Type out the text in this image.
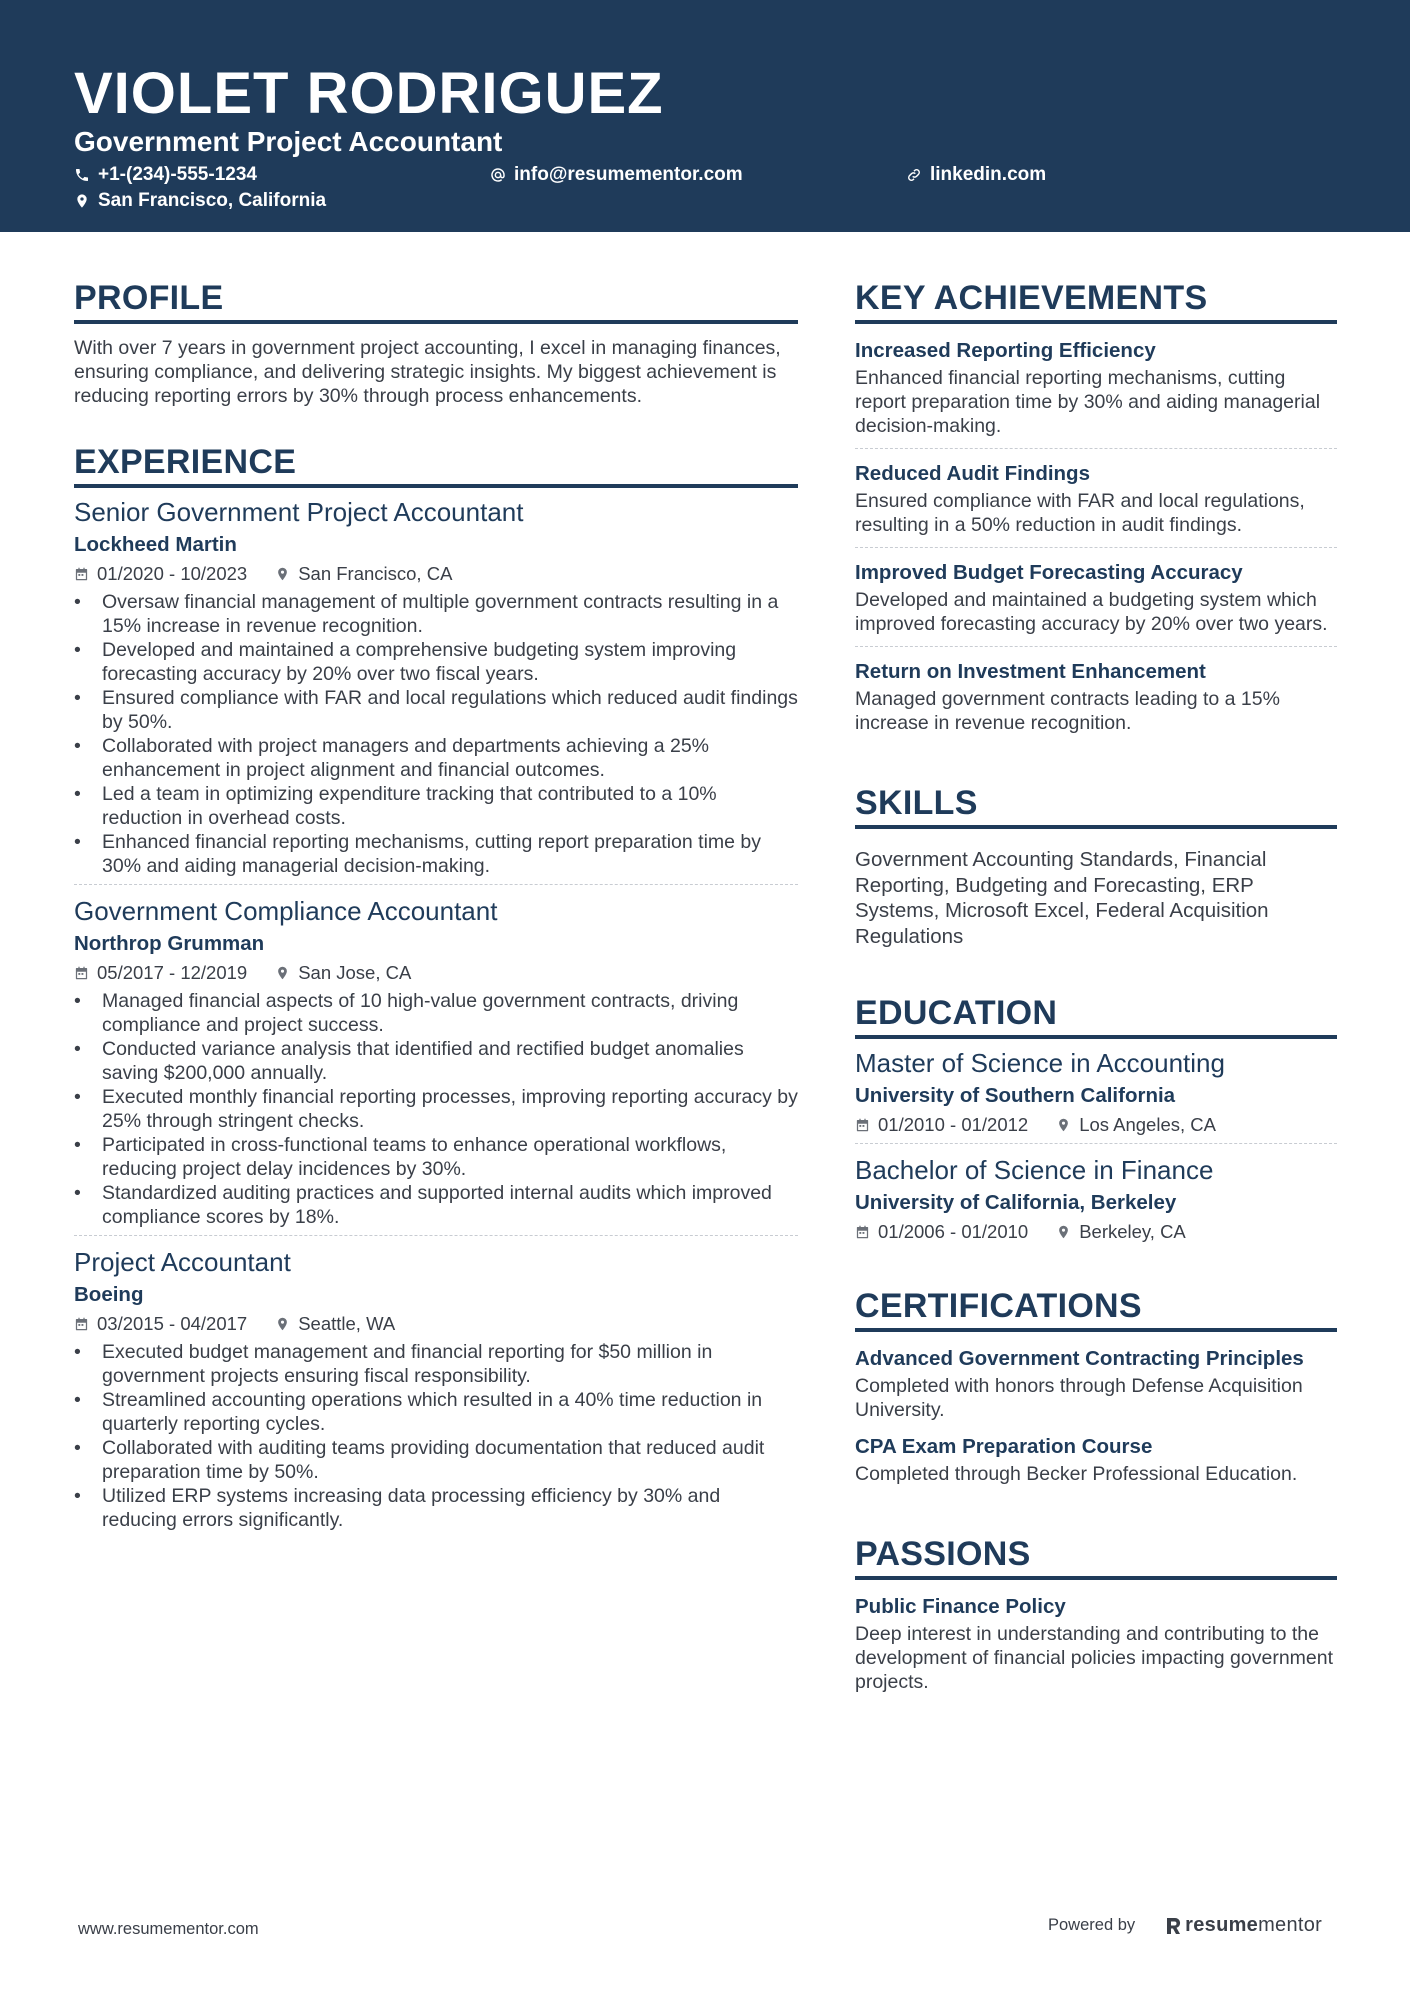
VIOLET RODRIGUEZ
Government Project Accountant
+1-(234)-555-1234	info@resumementor.com	linkedin.com
San Francisco, California
PROFILE

With over 7 years in government project accounting, I excel in managing finances, ensuring compliance, and delivering strategic insights. My biggest achievement is reducing reporting errors by 30% through process enhancements.

EXPERIENCE
Senior Government Project Accountant
Lockheed Martin
01/2020 - 10/2023	San Francisco, CA
• Oversaw financial management of multiple government contracts resulting in a 15% increase in revenue recognition.
• Developed and maintained a comprehensive budgeting system improving forecasting accuracy by 20% over two fiscal years.
• Ensured compliance with FAR and local regulations which reduced audit findings by 50%.
• Collaborated with project managers and departments achieving a 25% enhancement in project alignment and financial outcomes.
• Led a team in optimizing expenditure tracking that contributed to a 10% reduction in overhead costs.
• Enhanced financial reporting mechanisms, cutting report preparation time by 30% and aiding managerial decision-making.
Government Compliance Accountant
Northrop Grumman
05/2017 - 12/2019	San Jose, CA
• Managed financial aspects of 10 high-value government contracts, driving compliance and project success.
• Conducted variance analysis that identified and rectified budget anomalies saving $200,000 annually.
• Executed monthly financial reporting processes, improving reporting accuracy by 25% through stringent checks.
• Participated in cross-functional teams to enhance operational workflows, reducing project delay incidences by 30%.
• Standardized auditing practices and supported internal audits which improved compliance scores by 18%.
Project Accountant
Boeing
03/2015 - 04/2017	Seattle, WA
• Executed budget management and financial reporting for $50 million in government projects ensuring fiscal responsibility.
• Streamlined accounting operations which resulted in a 40% time reduction in quarterly reporting cycles.
• Collaborated with auditing teams providing documentation that reduced audit preparation time by 50%.
• Utilized ERP systems increasing data processing efficiency by 30% and reducing errors significantly.
KEY ACHIEVEMENTS
Increased Reporting Efficiency

Enhanced financial reporting mechanisms, cutting report preparation time by 30% and aiding managerial decision-making.

Reduced Audit Findings

Ensured compliance with FAR and local regulations, resulting in a 50% reduction in audit findings.

Improved Budget Forecasting Accuracy

Developed and maintained a budgeting system which improved forecasting accuracy by 20% over two years.

Return on Investment Enhancement

Managed government contracts leading to a 15% increase in revenue recognition.

SKILLS

Government Accounting Standards, Financial Reporting, Budgeting and Forecasting, ERP Systems, Microsoft Excel, Federal Acquisition Regulations

EDUCATION
Master of Science in Accounting
University of Southern California
01/2010 - 01/2012	Los Angeles, CA
Bachelor of Science in Finance
University of California, Berkeley
01/2006 - 01/2010	Berkeley, CA
CERTIFICATIONS
Advanced Government Contracting Principles

Completed with honors through Defense Acquisition University.

CPA Exam Preparation Course

Completed through Becker Professional Education.

PASSIONS
Public Finance Policy

Deep interest in understanding and contributing to the development of financial policies impacting government projects.

www.resumementor.com	Powered by	resume mentor
